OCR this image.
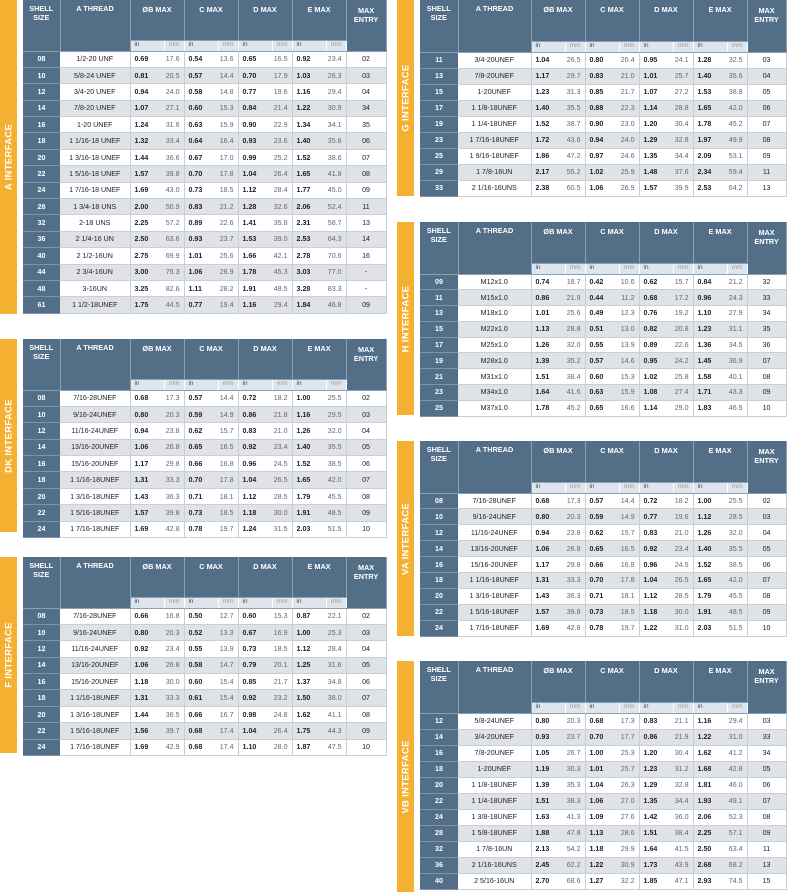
A INTERFACE
SHELL SIZE	A THREAD	ØB MAX		C MAX		D MAX		E MAX		MAX ENTRY
		in	mm	in	mm	in	mm	in	mm	
08	1/2-20 UNF	0.69	17.6	0.54	13.6	0.65	16.5	0.92	23.4	02
10	5/8-24 UNEF	0.81	20.5	0.57	14.4	0.70	17.9	1.03	26.3	03
12	3/4-20 UNEF	0.94	24.0	0.58	14.8	0.77	19.6	1.16	29.4	04
14	7/8-20 UNEF	1.07	27.1	0.60	15.3	0.84	21.4	1.22	30.9	34
16	1-20 UNEF	1.24	31.6	0.63	15.9	0.90	22.9	1.34	34.1	35
18	1 1/16-18 UNEF	1.32	33.4	0.64	16.4	0.93	23.6	1.40	35.6	06
20	1 3/16-18 UNEF	1.44	36.6	0.67	17.0	0.99	25.2	1.52	38.6	07
22	1 5/16-18 UNEF	1.57	39.8	0.70	17.8	1.04	26.4	1.65	41.8	08
24	1 7/16-18 UNEF	1.69	43.0	0.73	18.5	1.12	28.4	1.77	45.0	09
28	1 3/4-18 UNS	2.00	50.9	0.83	21.2	1.28	32.6	2.06	52.4	11
32	2-18 UNS	2.25	57.2	0.89	22.6	1.41	35.8	2.31	58.7	13
36	2 1/4-16 UN	2.50	63.6	0.93	23.7	1.53	39.0	2.53	64.3	14
40	2 1/2-16UN	2.75	69.9	1.01	25.6	1.66	42.1	2.78	70.6	16
44	2 3/4-16UN	3.00	76.3	1.06	26.9	1.78	45.3	3.03	77.0	-
48	3-16UN	3.25	82.6	1.11	28.2	1.91	48.5	3.28	83.3	-
61	1 1/2-18UNEF	1.75	44.5	0.77	19.4	1.16	29.4	1.84	46.8	09
DK INTERFACE
SHELL SIZE	A THREAD	ØB MAX		C MAX		D MAX		E MAX		MAX ENTRY
		in	mm	in	mm	in	mm	in	mm	
08	7/16-28UNEF	0.68	17.3	0.57	14.4	0.72	18.2	1.00	25.5	02
10	9/16-24UNEF	0.80	20.3	0.59	14.9	0.86	21.8	1.16	29.5	03
12	11/16-24UNEF	0.94	23.8	0.62	15.7	0.83	21.0	1.26	32.0	04
14	13/16-20UNEF	1.06	26.8	0.65	16.5	0.92	23.4	1.40	35.5	05
16	15/16-20UNEF	1.17	29.8	0.66	16.8	0.96	24.5	1.52	38.5	06
18	1 1/16-18UNEF	1.31	33.3	0.70	17.8	1.04	26.5	1.65	42.0	07
20	1 3/16-18UNEF	1.43	36.3	0.71	18.1	1.12	28.5	1.79	45.5	08
22	1 5/16-18UNEF	1.57	39.8	0.73	18.5	1.18	30.0	1.91	48.5	09
24	1 7/16-18UNEF	1.69	42.8	0.78	19.7	1.24	31.5	2.03	51.5	10
F INTERFACE
SHELL SIZE	A THREAD	ØB MAX		C MAX		D MAX		E MAX		MAX ENTRY
		in	mm	in	mm	in	mm	in	mm	
08	7/16-28UNEF	0.66	16.8	0.50	12.7	0.60	15.3	0.87	22.1	02
10	9/16-24UNEF	0.80	20.3	0.52	13.3	0.67	16.9	1.00	25.3	03
12	11/16-24UNEF	0.92	23.4	0.55	13.9	0.73	18.5	1.12	28.4	04
14	13/16-20UNEF	1.06	26.8	0.58	14.7	0.79	20.1	1.25	31.6	05
16	15/16-20UNEF	1.18	30.0	0.60	15.4	0.85	21.7	1.37	34.8	06
18	1 1/16-18UNEF	1.31	33.3	0.61	15.4	0.92	23.2	1.50	38.0	07
20	1 3/16-18UNEF	1.44	36.5	0.66	16.7	0.98	24.8	1.62	41.1	08
22	1 5/16-18UNEF	1.56	39.7	0.68	17.4	1.04	26.4	1.75	44.3	09
24	1 7/16-18UNEF	1.69	42.9	0.68	17.4	1.10	28.0	1.87	47.5	10
G INTERFACE
SHELL SIZE	A THREAD	ØB MAX		C MAX		D MAX		E MAX		MAX ENTRY
		in	mm	in	mm	in	mm	in	mm	
11	3/4-20UNEF	1.04	26.5	0.80	20.4	0.95	24.1	1.28	32.5	03
13	7/8-20UNEF	1.17	29.7	0.83	21.0	1.01	25.7	1.40	35.6	04
15	1-20UNEF	1.23	31.3	0.85	21.7	1.07	27.2	1.53	38.8	05
17	1 1/8-18UNEF	1.40	35.5	0.88	22.3	1.14	28.8	1.65	42.0	06
19	1 1/4-18UNEF	1.52	38.7	0.90	23.0	1.20	30.4	1.78	45.2	07
23	1 7/16-18UNEF	1.72	43.6	0.94	24.0	1.29	32.8	1.97	49.9	08
25	1 9/16-18UNEF	1.86	47.2	0.97	24.6	1.35	34.4	2.09	53.1	09
29	1 7/8-16UN	2.17	55.2	1.02	25.9	1.48	37.6	2.34	59.4	11
33	2 1/16-16UNS	2.38	60.5	1.06	26.9	1.57	39.9	2.53	64.2	13
H INTERFACE
SHELL SIZE	A THREAD	ØB MAX		C MAX		D MAX		E MAX		MAX ENTRY
		in	mm	in	mm	in	mm	in	mm	
09	M12x1.0	0.74	18.7	0.42	10.6	0.62	15.7	0.84	21.2	32
11	M15x1.0	0.86	21.9	0.44	11.2	0.68	17.2	0.96	24.3	33
13	M18x1.0	1.01	25.6	0.49	12.3	0.76	19.2	1.10	27.9	34
15	M22x1.0	1.13	28.8	0.51	13.0	0.82	20.8	1.23	31.1	35
17	M25x1.0	1.26	32.0	0.55	13.9	0.89	22.6	1.36	34.5	36
19	M28x1.0	1.39	35.2	0.57	14.6	0.95	24.2	1.45	36.9	07
21	M31x1.0	1.51	38.4	0.60	15.3	1.02	25.8	1.58	40.1	08
23	M34x1.0	1.64	41.6	0.63	15.9	1.08	27.4	1.71	43.3	09
25	M37x1.0	1.78	45.2	0.65	16.6	1.14	29.0	1.83	46.5	10
VA INTERFACE
SHELL SIZE	A THREAD	ØB MAX		C MAX		D MAX		E MAX		MAX ENTRY
		in	mm	in	mm	in	mm	in	mm	
08	7/16-28UNEF	0.68	17.3	0.57	14.4	0.72	18.2	1.00	25.5	02
10	9/16-24UNEF	0.80	20.3	0.59	14.9	0.77	19.6	1.12	28.5	03
12	11/16-24UNEF	0.94	23.8	0.62	15.7	0.83	21.0	1.26	32.0	04
14	13/16-20UNEF	1.06	26.8	0.65	16.5	0.92	23.4	1.40	35.5	05
16	15/16-20UNEF	1.17	29.8	0.66	16.8	0.96	24.5	1.52	38.5	06
18	1 1/16-18UNEF	1.31	33.3	0.70	17.8	1.04	26.5	1.65	42.0	07
20	1 3/16-18UNEF	1.43	36.3	0.71	18.1	1.12	28.5	1.79	45.5	08
22	1 5/16-18UNEF	1.57	39.8	0.73	18.5	1.18	30.0	1.91	48.5	09
24	1 7/16-18UNEF	1.69	42.8	0.78	19.7	1.22	31.0	2.03	51.5	10
VB INTERFACE
SHELL SIZE	A THREAD	ØB MAX		C MAX		D MAX		E MAX		MAX ENTRY
		in	mm	in	mm	in	mm	in	mm	
12	5/8-24UNEF	0.80	20.3	0.68	17.3	0.83	21.1	1.16	29.4	03
14	3/4-20UNEF	0.93	23.7	0.70	17.7	0.86	21.9	1.22	31.0	33
16	7/8-20UNEF	1.05	26.7	1.00	25.3	1.20	30.4	1.62	41.2	34
18	1-20UNEF	1.19	30.3	1.01	25.7	1.23	31.2	1.68	42.8	05
20	1 1/8-18UNEF	1.39	35.3	1.04	26.3	1.29	32.8	1.81	46.0	06
22	1 1/4-18UNEF	1.51	38.3	1.06	27.0	1.35	34.4	1.93	49.1	07
24	1 3/8-18UNEF	1.63	41.3	1.09	27.6	1.42	36.0	2.06	52.3	08
28	1 5/8-18UNEF	1.88	47.8	1.13	28.6	1.51	38.4	2.25	57.1	09
32	1 7/8-16UN	2.13	54.2	1.18	29.9	1.64	41.5	2.50	63.4	11
36	2 1/16-16UNS	2.45	62.2	1.22	30.9	1.73	43.9	2.68	68.2	13
40	2 5/16-16UN	2.70	68.6	1.27	32.2	1.85	47.1	2.93	74.5	15
